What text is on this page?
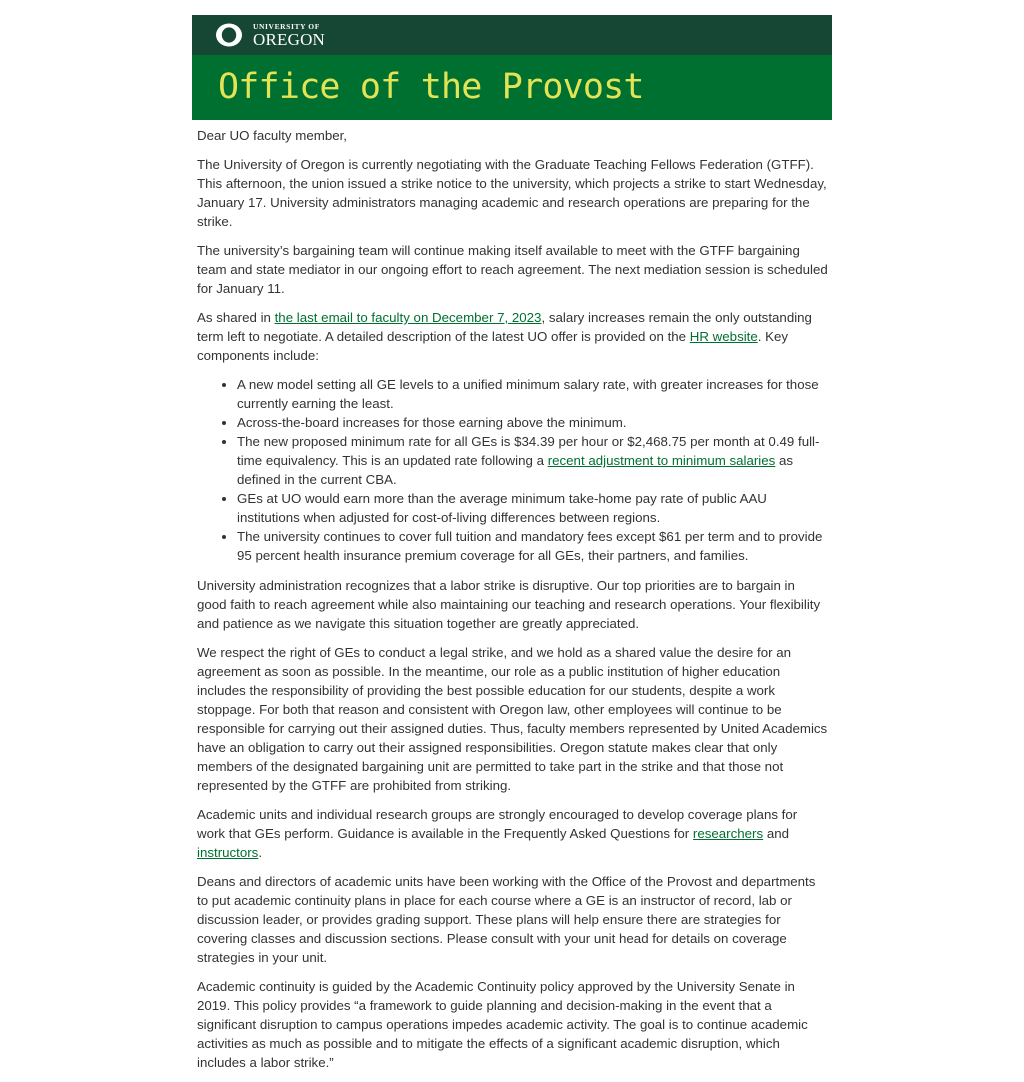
UNIVERSITY OF
OREGON
Office of the Provost

Dear UO faculty member,

The University of Oregon is currently negotiating with the Graduate Teaching Fellows Federation (GTFF). This afternoon, the union issued a strike notice to the university, which projects a strike to start Wednesday, January 17. University administrators managing academic and research operations are preparing for the strike.

The university’s bargaining team will continue making itself available to meet with the GTFF bargaining team and state mediator in our ongoing effort to reach agreement. The next mediation session is scheduled for January 11.

As shared in the last email to faculty on December 7, 2023, salary increases remain the only outstanding term left to negotiate. A detailed description of the latest UO offer is provided on the HR website. Key components include:

• A new model setting all GE levels to a unified minimum salary rate, with greater increases for those currently earning the least.
• Across-the-board increases for those earning above the minimum.
• The new proposed minimum rate for all GEs is $34.39 per hour or $2,468.75 per month at 0.49 full-time equivalency. This is an updated rate following a recent adjustment to minimum salaries as defined in the current CBA.
• GEs at UO would earn more than the average minimum take-home pay rate of public AAU institutions when adjusted for cost-of-living differences between regions.
• The university continues to cover full tuition and mandatory fees except $61 per term and to provide 95 percent health insurance premium coverage for all GEs, their partners, and families.

University administration recognizes that a labor strike is disruptive. Our top priorities are to bargain in good faith to reach agreement while also maintaining our teaching and research operations. Your flexibility and patience as we navigate this situation together are greatly appreciated.

We respect the right of GEs to conduct a legal strike, and we hold as a shared value the desire for an agreement as soon as possible. In the meantime, our role as a public institution of higher education includes the responsibility of providing the best possible education for our students, despite a work stoppage. For both that reason and consistent with Oregon law, other employees will continue to be responsible for carrying out their assigned duties. Thus, faculty members represented by United Academics have an obligation to carry out their assigned responsibilities. Oregon statute makes clear that only members of the designated bargaining unit are permitted to take part in the strike and that those not represented by the GTFF are prohibited from striking.

Academic units and individual research groups are strongly encouraged to develop coverage plans for work that GEs perform. Guidance is available in the Frequently Asked Questions for researchers and instructors.

Deans and directors of academic units have been working with the Office of the Provost and departments to put academic continuity plans in place for each course where a GE is an instructor of record, lab or discussion leader, or provides grading support. These plans will help ensure there are strategies for covering classes and discussion sections. Please consult with your unit head for details on coverage strategies in your unit.

Academic continuity is guided by the Academic Continuity policy approved by the University Senate in 2019. This policy provides “a framework to guide planning and decision-making in the event that a significant disruption to campus operations impedes academic activity. The goal is to continue academic activities as much as possible and to mitigate the effects of a significant academic disruption, which includes a labor strike.”
